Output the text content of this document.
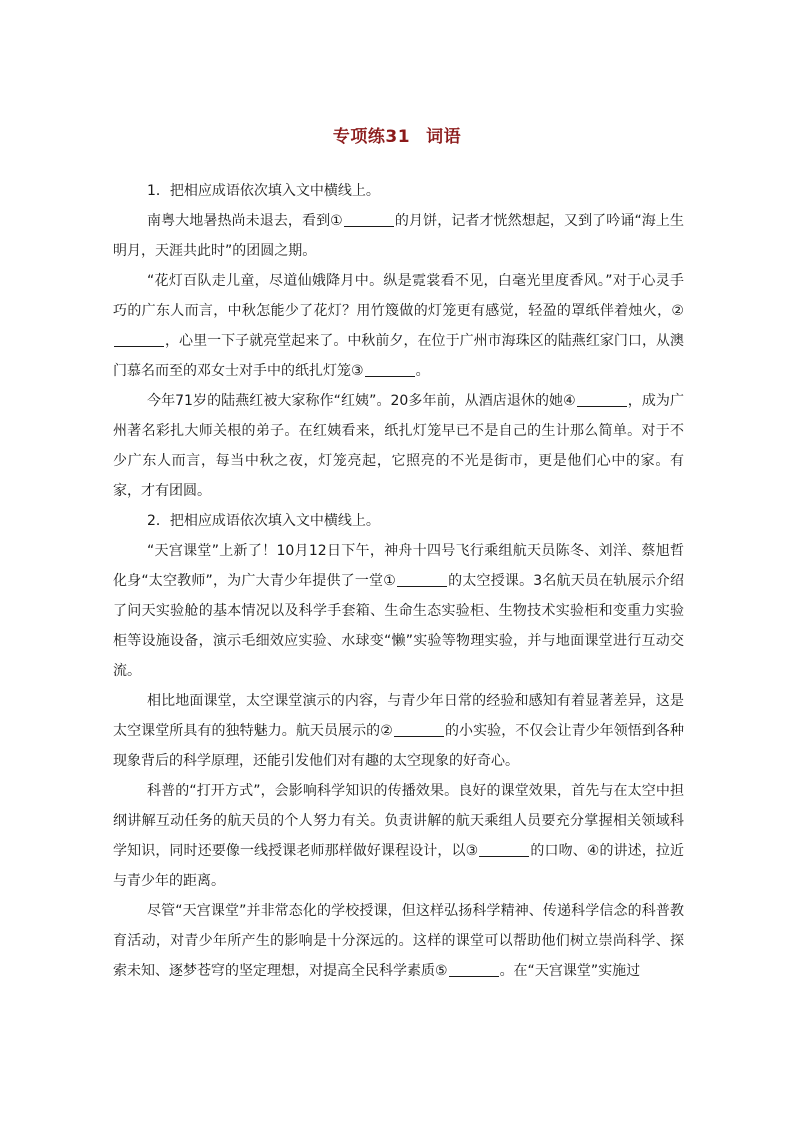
专项练31 词语

1．把相应成语依次填入文中横线上。

南粤大地暑热尚未退去，看到①	的月饼，记者才恍然想起，又到了吟诵“海上生明月，天涯共此时”的团圆之期。

“花灯百队走儿童，尽道仙娥降月中。纵是霓裳看不见，白毫光里度香风。”对于心灵手巧的广东人而言，中秋怎能少了花灯？用竹篾做的灯笼更有感觉，轻盈的罩纸伴着烛火，②，心里一下子就亮堂起来了。中秋前夕，在位于广州市海珠区的陆燕红家门口，从澳门慕名而至的邓女士对手中的纸扎灯笼③	。

今年71岁的陆燕红被大家称作“红姨”。20多年前，从酒店退休的她④	，成为广州著名彩扎大师关根的弟子。在红姨看来，纸扎灯笼早已不是自己的生计那么简单。对于不少广东人而言，每当中秋之夜，灯笼亮起，它照亮的不光是街市，更是他们心中的家。有家，才有团圆。

2．把相应成语依次填入文中横线上。

“天宫课堂”上新了！10月12日下午，神舟十四号飞行乘组航天员陈冬、刘洋、蔡旭哲化身“太空教师”，为广大青少年提供了一堂①	的太空授课。3名航天员在轨展示介绍了问天实验舱的基本情况以及科学手套箱、生命生态实验柜、生物技术实验柜和变重力实验柜等设施设备，演示毛细效应实验、水球变“懒”实验等物理实验，并与地面课堂进行互动交流。

相比地面课堂，太空课堂演示的内容，与青少年日常的经验和感知有着显著差异，这是太空课堂所具有的独特魅力。航天员展示的②	的小实验，不仅会让青少年领悟到各种现象背后的科学原理，还能引发他们对有趣的太空现象的好奇心。

科普的“打开方式”，会影响科学知识的传播效果。良好的课堂效果，首先与在太空中担纲讲解互动任务的航天员的个人努力有关。负责讲解的航天乘组人员要充分掌握相关领域科学知识，同时还要像一线授课老师那样做好课程设计，以③	的口吻、④的讲述，拉近与青少年的距离。

尽管“天宫课堂”并非常态化的学校授课，但这样弘扬科学精神、传递科学信念的科普教育活动，对青少年所产生的影响是十分深远的。这样的课堂可以帮助他们树立崇尚科学、探索未知、逐梦苍穹的坚定理想，对提高全民科学素质⑤	。在“天宫课堂”实施过
